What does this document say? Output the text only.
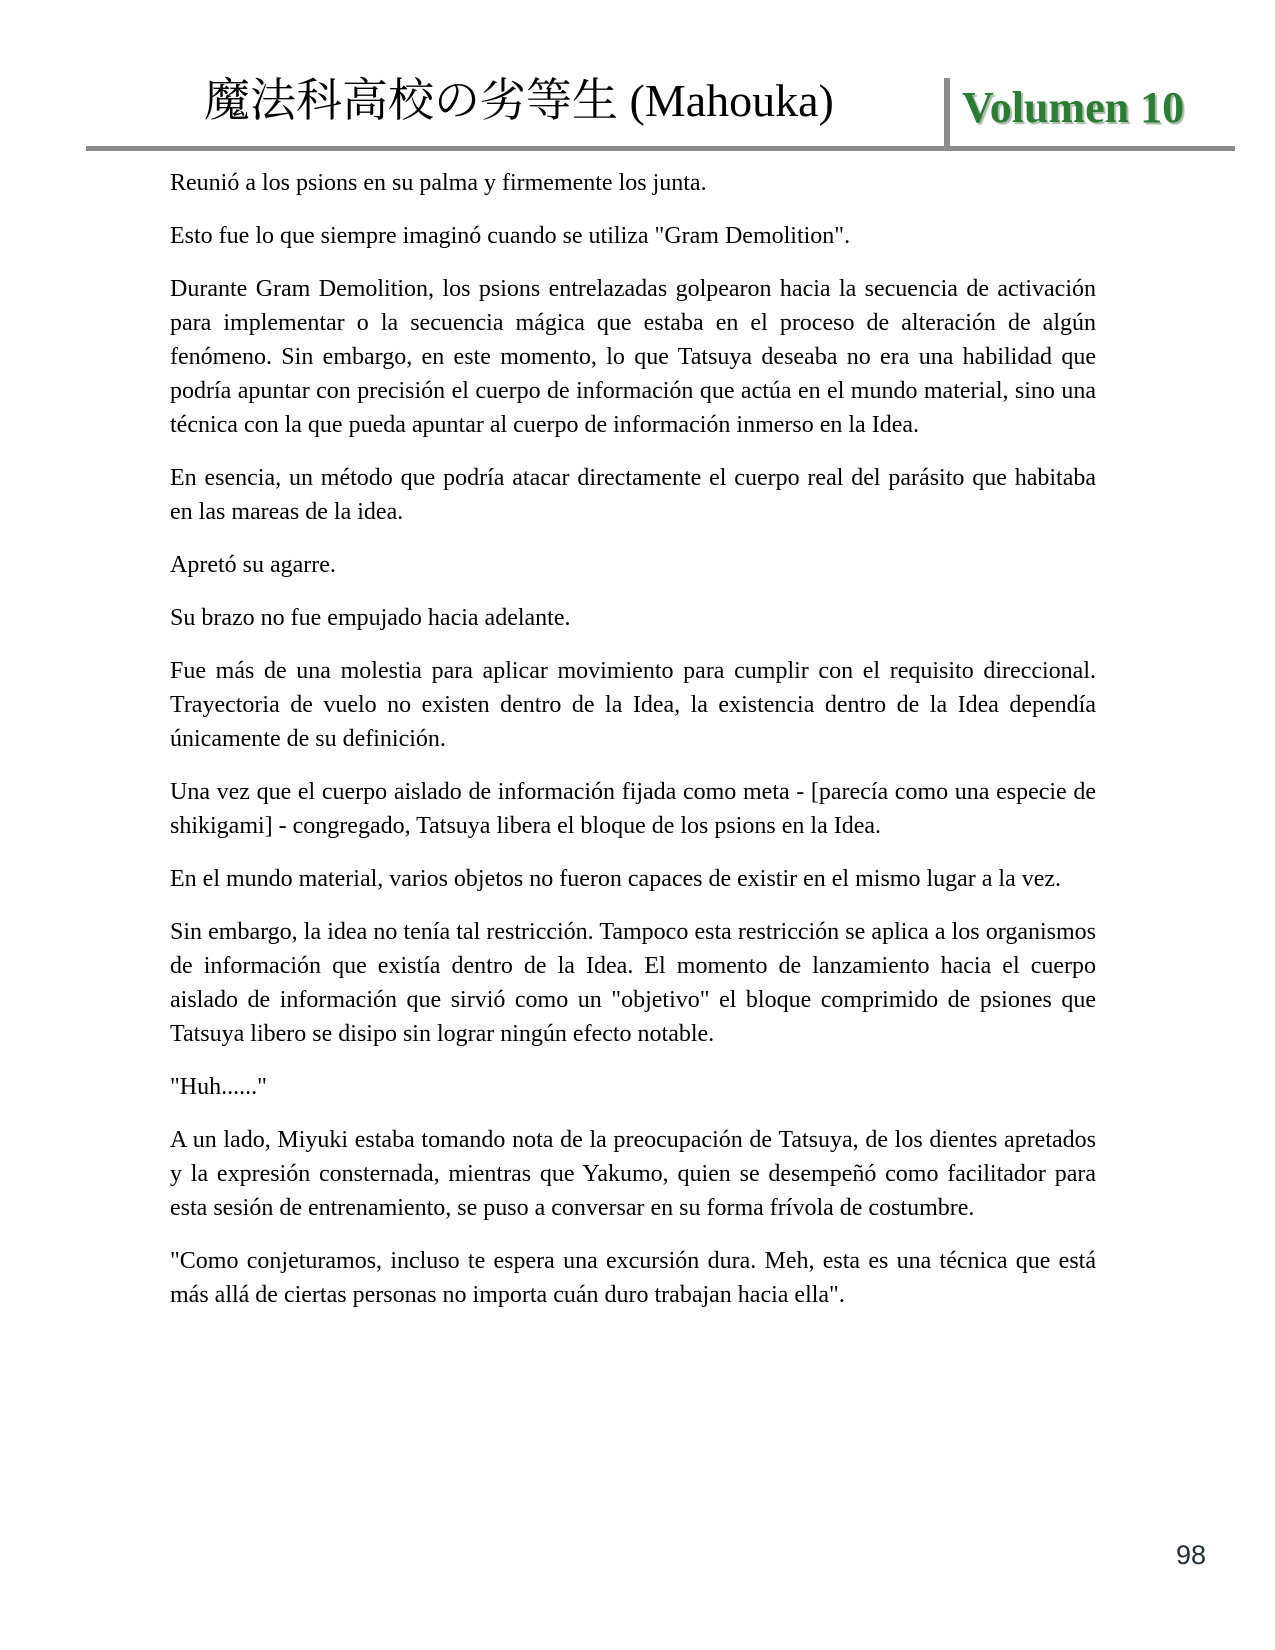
魔法科高校の劣等生 (Mahouka)	Volumen 10

Reunió a los psions en su palma y firmemente los junta.

Esto fue lo que siempre imaginó cuando se utiliza "Gram Demolition".

Durante Gram Demolition, los psions entrelazadas golpearon hacia la secuencia de activación para implementar o la secuencia mágica que estaba en el proceso de alteración de algún fenómeno. Sin embargo, en este momento, lo que Tatsuya deseaba no era una habilidad que podría apuntar con precisión el cuerpo de información que actúa en el mundo material, sino una técnica con la que pueda apuntar al cuerpo de información inmerso en la Idea.

En esencia, un método que podría atacar directamente el cuerpo real del parásito que habitaba en las mareas de la idea.

Apretó su agarre.

Su brazo no fue empujado hacia adelante.

Fue más de una molestia para aplicar movimiento para cumplir con el requisito direccional. Trayectoria de vuelo no existen dentro de la Idea, la existencia dentro de la Idea dependía únicamente de su definición.

Una vez que el cuerpo aislado de información fijada como meta - [parecía como una especie de shikigami] - congregado, Tatsuya libera el bloque de los psions en la Idea.

En el mundo material, varios objetos no fueron capaces de existir en el mismo lugar a la vez.

Sin embargo, la idea no tenía tal restricción. Tampoco esta restricción se aplica a los organismos de información que existía dentro de la Idea. El momento de lanzamiento hacia el cuerpo aislado de información que sirvió como un "objetivo" el bloque comprimido de psiones que Tatsuya libero se disipo sin lograr ningún efecto notable.

"Huh......"

A un lado, Miyuki estaba tomando nota de la preocupación de Tatsuya, de los dientes apretados y la expresión consternada, mientras que Yakumo, quien se desempeñó como facilitador para esta sesión de entrenamiento, se puso a conversar en su forma frívola de costumbre.

"Como conjeturamos, incluso te espera una excursión dura. Meh, esta es una técnica que está más allá de ciertas personas no importa cuán duro trabajan hacia ella".

98
